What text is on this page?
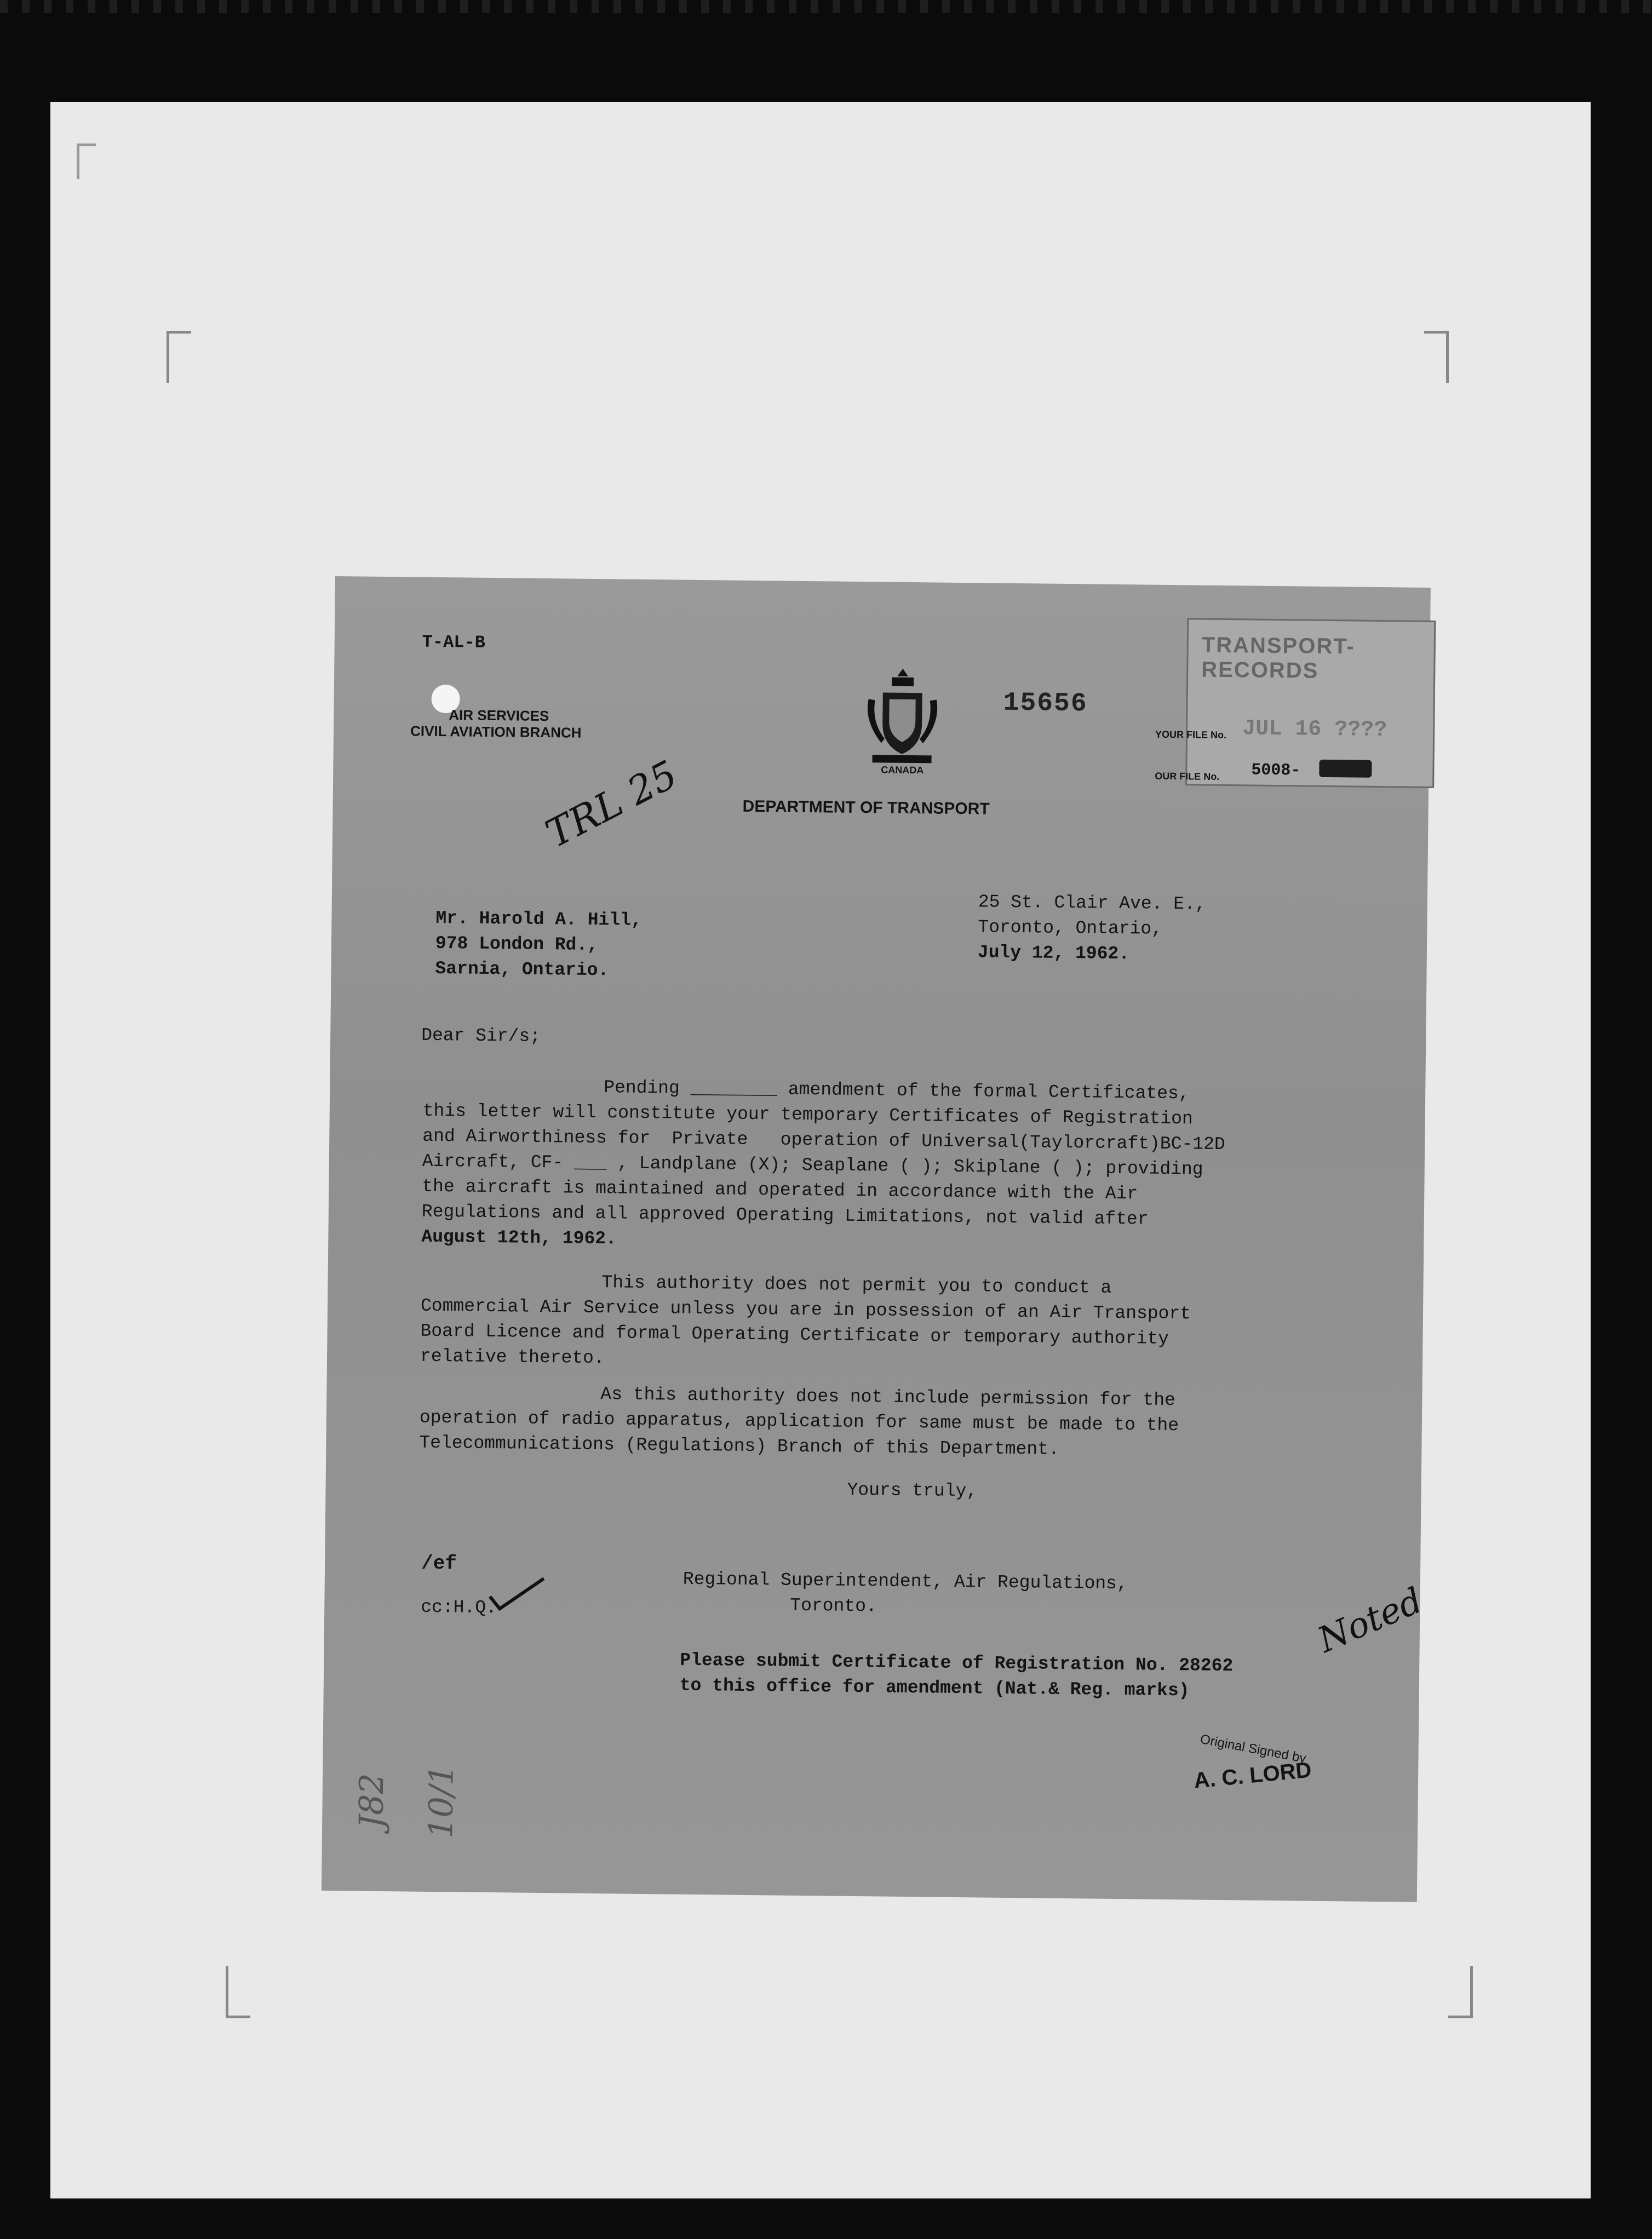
T-AL-B
AIR SERVICES
CIVIL AVIATION BRANCH
CANADA
DEPARTMENT OF TRANSPORT
15656
TRANSPORT-RECORDS
JUL 16 ????
YOUR FILE No.
OUR FILE No. 5008-
TRL 25
25 St. Clair Ave. E.,
Toronto, Ontario,
July 12, 1962.
Mr. Harold A. Hill,
978 London Rd.,
Sarnia, Ontario.
Dear Sir/s;
Pending ________ amendment of the formal Certificates,
this letter will constitute your temporary Certificates of Registration
and Airworthiness for  Private   operation of Universal(Taylorcraft)BC-12D
Aircraft, CF- ___ , Landplane (X); Seaplane ( ); Skiplane ( ); providing
the aircraft is maintained and operated in accordance with the Air
Regulations and all approved Operating Limitations, not valid after
August 12th, 1962.
This authority does not permit you to conduct a
Commercial Air Service unless you are in possession of an Air Transport
Board Licence and formal Operating Certificate or temporary authority
relative thereto.
As this authority does not include permission for the
operation of radio apparatus, application for same must be made to the
Telecommunications (Regulations) Branch of this Department.
Yours truly,
/ef
cc:H.Q.
Regional Superintendent, Air Regulations,
Toronto.
Please submit Certificate of Registration No. 28262
to this office for amendment (Nat.& Reg. marks)
Noted
Original Signed by
A. C. LORD
J82 10/1
